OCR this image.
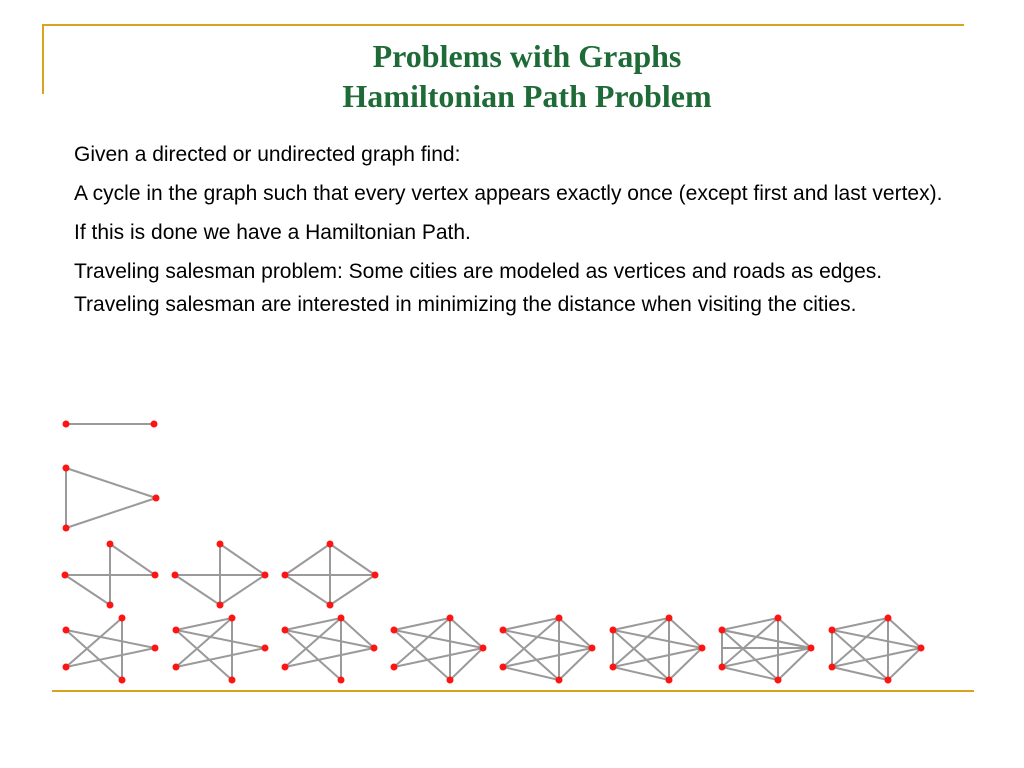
Problems with Graphs
Hamiltonian Path Problem

Given a directed or undirected graph find:

A cycle in the graph such that every vertex appears exactly once (except first and last vertex).

If this is done we have a Hamiltonian Path.

Traveling salesman problem: Some cities are modeled as vertices and roads as edges. Traveling salesman are interested in minimizing the distance when visiting the cities.
